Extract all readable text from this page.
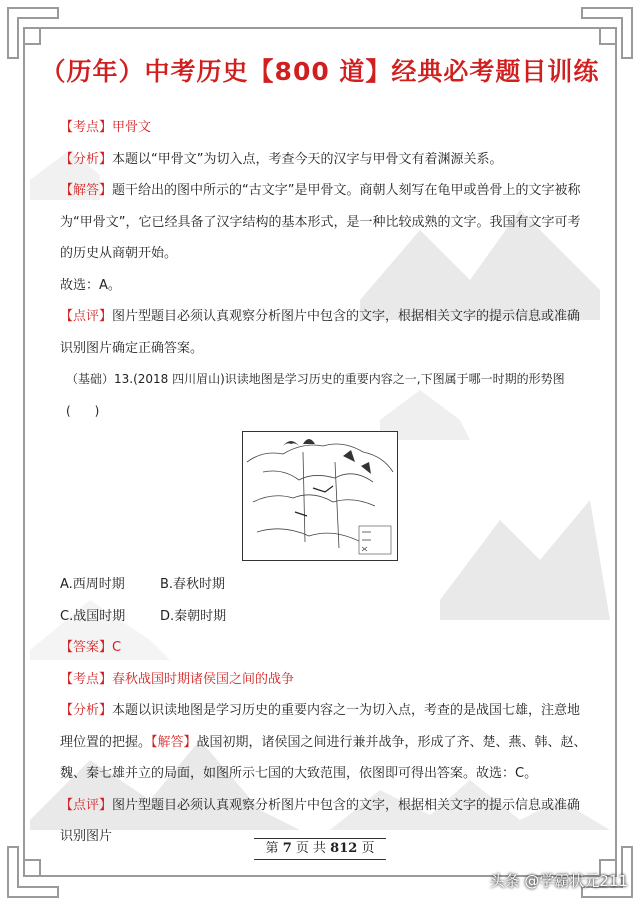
（历年）中考历史【800 道】经典必考题目训练

【考点】甲骨文

【分析】本题以“甲骨文”为切入点，考查今天的汉字与甲骨文有着渊源关系。

【解答】题干给出的图中所示的“古文字”是甲骨文。商朝人刻写在龟甲或兽骨上的文字被称为“甲骨文”，它已经具备了汉字结构的基本形式，是一种比较成熟的文字。我国有文字可考的历史从商朝开始。

故选：A。

【点评】图片型题目必须认真观察分析图片中包含的文字，根据相关文字的提示信息或准确识别图片确定正确答案。

（基础）13.(2018 四川眉山)识读地图是学习历史的重要内容之一,下图属于哪一时期的形势图(　　)

A.西周时期	B.春秋时期
C.战国时期	D.秦朝时期

【答案】C

【考点】春秋战国时期诸侯国之间的战争

【分析】本题以识读地图是学习历史的重要内容之一为切入点，考查的是战国七雄，注意地理位置的把握。【解答】战国初期，诸侯国之间进行兼并战争，形成了齐、楚、燕、韩、赵、魏、秦七雄并立的局面，如图所示七国的大致范围，依图即可得出答案。故选：C。

【点评】图片型题目必须认真观察分析图片中包含的文字，根据相关文字的提示信息或准确识别图片

第 7 页 共 812 页
头条 @学霸状元211
